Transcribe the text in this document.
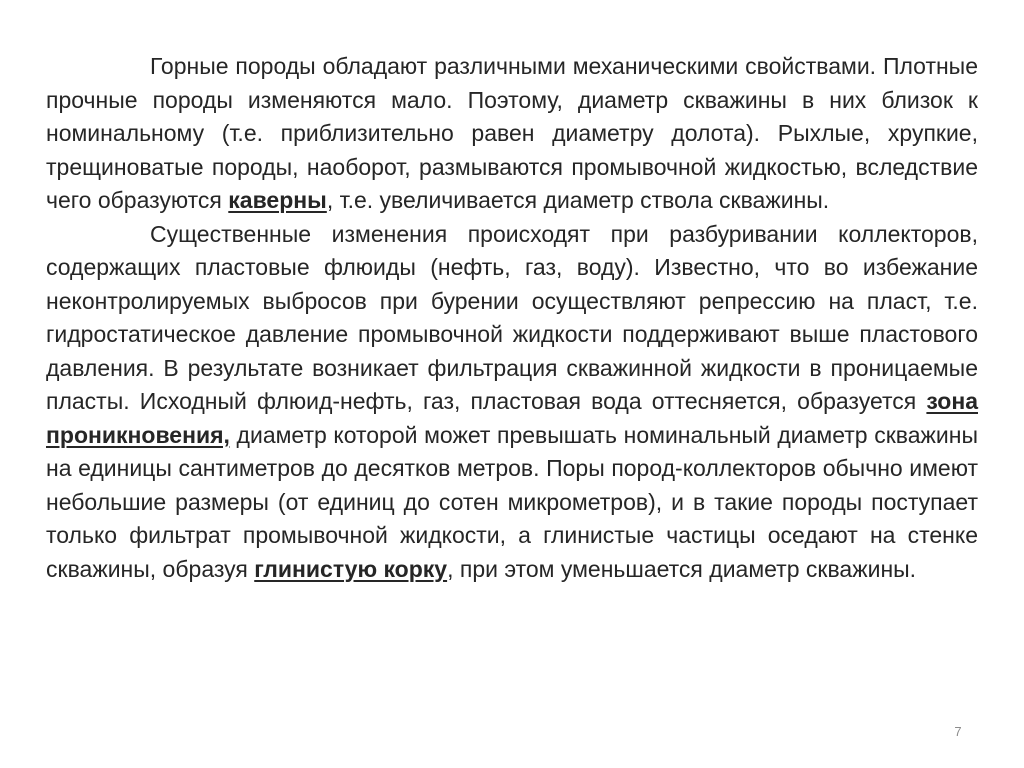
Горные породы обладают различными механическими свойствами. Плотные прочные породы изменяются мало. Поэтому, диаметр скважины в них близок к номинальному (т.е. приблизительно равен диаметру долота). Рыхлые, хрупкие, трещиноватые породы, наоборот, размываются промывочной жидкостью, вследствие чего образуются каверны, т.е. увеличивается диаметр ствола скважины.

Существенные изменения происходят при разбуривании коллекторов, содержащих пластовые флюиды (нефть, газ, воду). Известно, что во избежание неконтролируемых выбросов при бурении осуществляют репрессию на пласт, т.е. гидростатическое давление промывочной жидкости поддерживают выше пластового давления. В результате возникает фильтрация скважинной жидкости в проницаемые пласты. Исходный флюид-нефть, газ, пластовая вода оттесняется, образуется зона проникновения, диаметр которой может превышать номинальный диаметр скважины на единицы сантиметров до десятков метров. Поры пород-коллекторов обычно имеют небольшие размеры (от единиц до сотен микрометров), и в такие породы поступает только фильтрат промывочной жидкости, а глинистые частицы оседают на стенке скважины, образуя глинистую корку, при этом уменьшается диаметр скважины.

7
